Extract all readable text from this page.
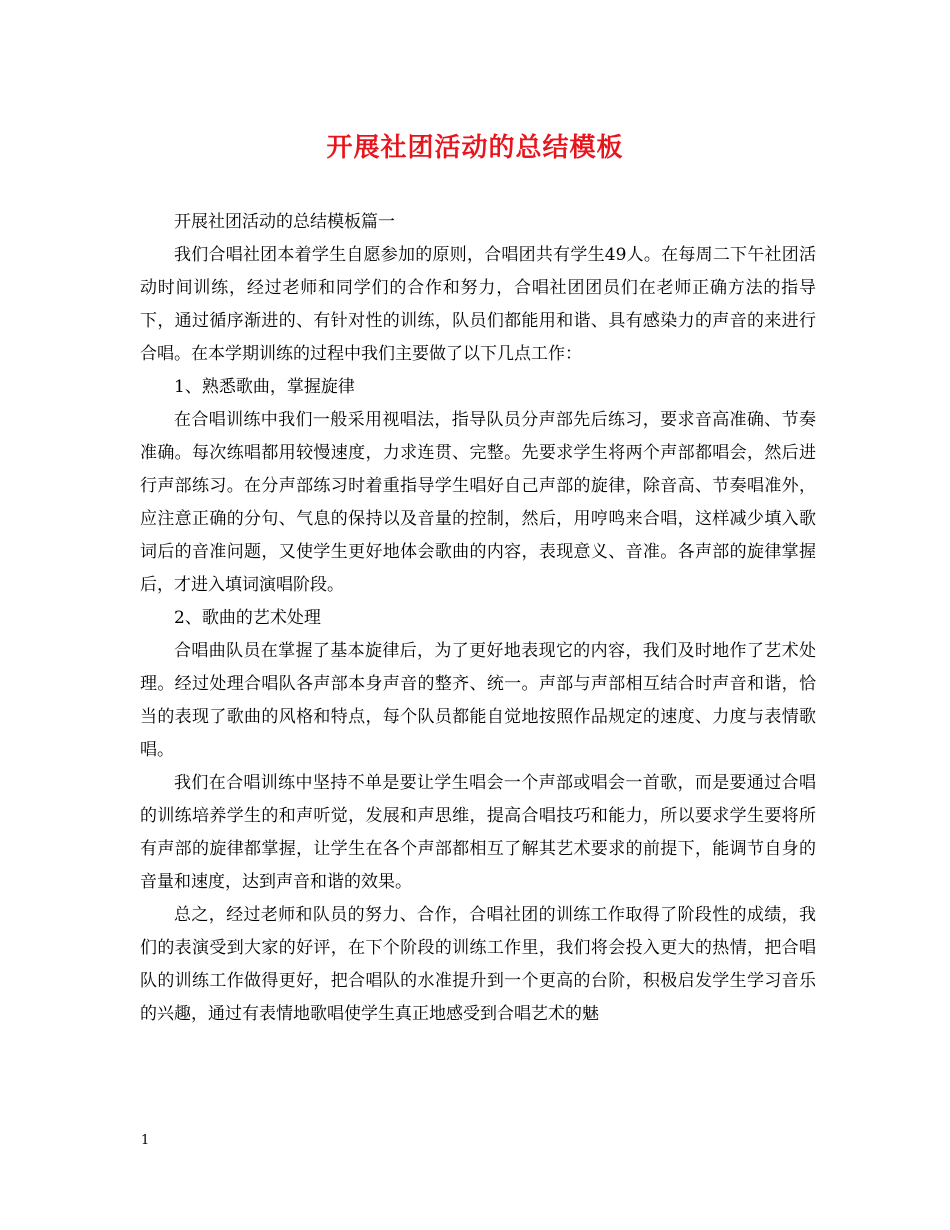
开展社团活动的总结模板

开展社团活动的总结模板篇一

我们合唱社团本着学生自愿参加的原则，合唱团共有学生49人。在每周二下午社团活动时间训练，经过老师和同学们的合作和努力，合唱社团团员们在老师正确方法的指导下，通过循序渐进的、有针对性的训练，队员们都能用和谐、具有感染力的声音的来进行合唱。在本学期训练的过程中我们主要做了以下几点工作：

1、熟悉歌曲，掌握旋律

在合唱训练中我们一般采用视唱法，指导队员分声部先后练习，要求音高准确、节奏准确。每次练唱都用较慢速度，力求连贯、完整。先要求学生将两个声部都唱会，然后进行声部练习。在分声部练习时着重指导学生唱好自己声部的旋律，除音高、节奏唱准外，应注意正确的分句、气息的保持以及音量的控制，然后，用哼鸣来合唱，这样减少填入歌词后的音准问题，又使学生更好地体会歌曲的内容，表现意义、音准。各声部的旋律掌握后，才进入填词演唱阶段。

2、歌曲的艺术处理

合唱曲队员在掌握了基本旋律后，为了更好地表现它的内容，我们及时地作了艺术处理。经过处理合唱队各声部本身声音的整齐、统一。声部与声部相互结合时声音和谐，恰当的表现了歌曲的风格和特点，每个队员都能自觉地按照作品规定的速度、力度与表情歌唱。

我们在合唱训练中坚持不单是要让学生唱会一个声部或唱会一首歌，而是要通过合唱的训练培养学生的和声听觉，发展和声思维，提高合唱技巧和能力，所以要求学生要将所有声部的旋律都掌握，让学生在各个声部都相互了解其艺术要求的前提下，能调节自身的音量和速度，达到声音和谐的效果。

总之，经过老师和队员的努力、合作，合唱社团的训练工作取得了阶段性的成绩，我们的表演受到大家的好评，在下个阶段的训练工作里，我们将会投入更大的热情，把合唱队的训练工作做得更好，把合唱队的水准提升到一个更高的台阶，积极启发学生学习音乐的兴趣，通过有表情地歌唱使学生真正地感受到合唱艺术的魅

1
